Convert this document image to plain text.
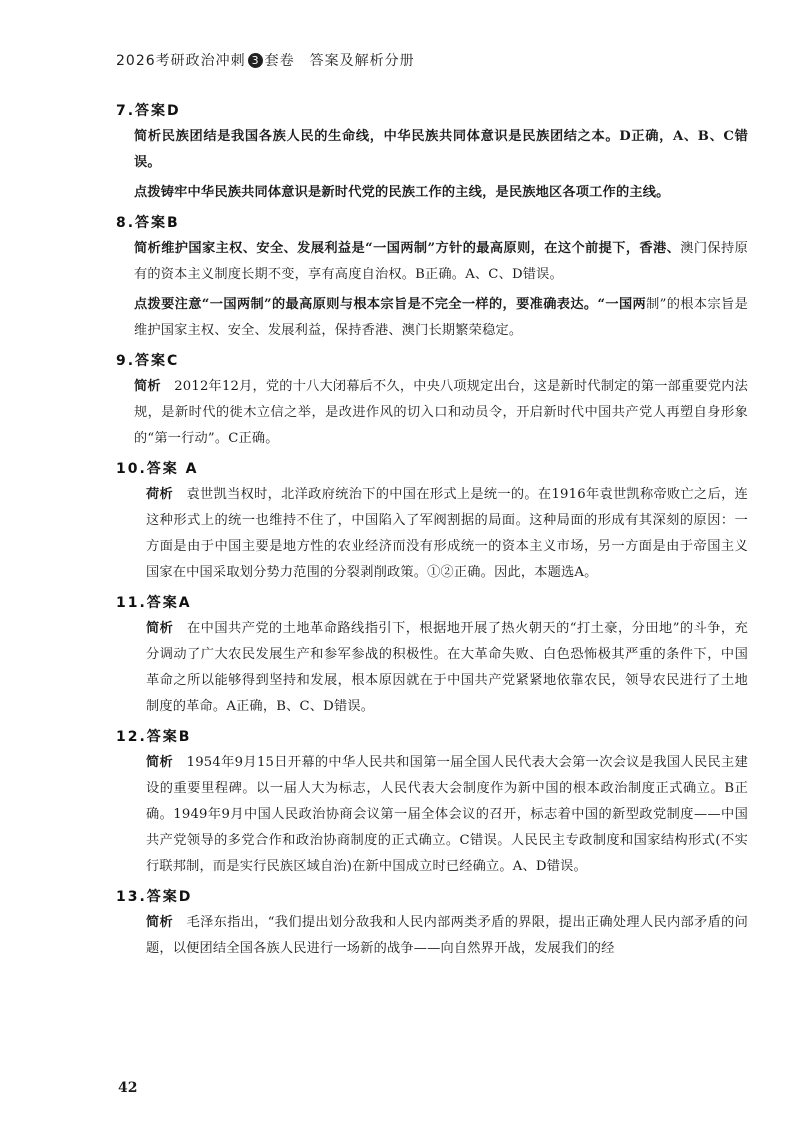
2026考研政治冲刺 3 套卷　答案及解析分册
7.答案D
简析民族团结是我国各族人民的生命线，中华民族共同体意识是民族团结之本。D正确，A、B、C错误。
点拨铸牢中华民族共同体意识是新时代党的民族工作的主线，是民族地区各项工作的主线。
8.答案B
简析维护国家主权、安全、发展利益是“一国两制”方针的最高原则，在这个前提下，香港、澳门保持原有的资本主义制度长期不变，享有高度自治权。B正确。A、C、D错误。
点拨要注意“一国两制”的最高原则与根本宗旨是不完全一样的，要准确表达。“一国两制”的根本宗旨是维护国家主权、安全、发展利益，保持香港、澳门长期繁荣稳定。
9.答案C
简析　2012年12月，党的十八大闭幕后不久，中央八项规定出台，这是新时代制定的第一部重要党内法规，是新时代的徙木立信之举，是改进作风的切入口和动员令，开启新时代中国共产党人再塑自身形象的“第一行动”。C正确。
10.答案 A
荷析　袁世凯当权时，北洋政府统治下的中国在形式上是统一的。在1916年袁世凯称帝败亡之后，连这种形式上的统一也维持不住了，中国陷入了军阀割据的局面。这种局面的形成有其深刻的原因：一方面是由于中国主要是地方性的农业经济而没有形成统一的资本主义市场，另一方面是由于帝国主义国家在中国采取划分势力范围的分裂剥削政策。①②正确。因此，本题选A。
11.答案A
简析　在中国共产党的土地革命路线指引下，根据地开展了热火朝天的“打土豪，分田地”的斗争，充分调动了广大农民发展生产和参军参战的积极性。在大革命失败、白色恐怖极其严重的条件下，中国革命之所以能够得到坚持和发展，根本原因就在于中国共产党紧紧地依靠农民，领导农民进行了土地制度的革命。A正确，B、C、D错误。
12.答案B
简析　1954年9月15日开幕的中华人民共和国第一届全国人民代表大会第一次会议是我国人民民主建设的重要里程碑。以一届人大为标志，人民代表大会制度作为新中国的根本政治制度正式确立。B正确。1949年9月中国人民政治协商会议第一届全体会议的召开，标志着中国的新型政党制度——中国共产党领导的多党合作和政治协商制度的正式确立。C错误。人民民主专政制度和国家结构形式(不实行联邦制，而是实行民族区域自治)在新中国成立时已经确立。A、D错误。
13.答案D
简析　毛泽东指出，“我们提出划分敌我和人民内部两类矛盾的界限，提出正确处理人民内部矛盾的问题，以便团结全国各族人民进行一场新的战争——向自然界开战，发展我们的经
42
